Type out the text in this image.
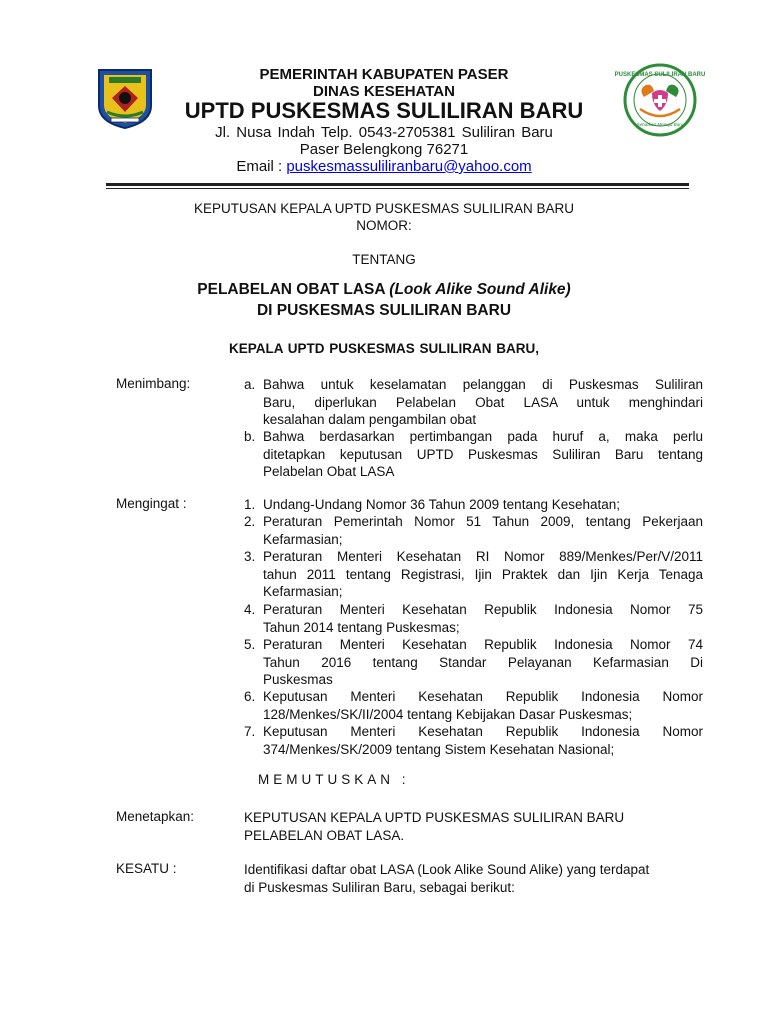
PUSKESMAS SULILIRAN BARU
Sehatkan Menuju Baru
PEMERINTAH KABUPATEN PASER
DINAS KESEHATAN
UPTD PUSKESMAS SULILIRAN BARU
Jl. Nusa Indah Telp. 0543-2705381 Suliliran Baru
Paser Belengkong 76271
Email : puskesmassuliliranbaru@yahoo.com
KEPUTUSAN KEPALA UPTD PUSKESMAS SULILIRAN BARU
NOMOR:
TENTANG
PELABELAN OBAT LASA (Look Alike Sound Alike)
DI PUSKESMAS SULILIRAN BARU
KEPALA UPTD PUSKESMAS SULILIRAN BARU,
Menimbang:	a. Bahwa untuk keselamatan pelanggan di Puskesmas Suliliran
Baru, diperlukan Pelabelan Obat LASA untuk menghindari
kesalahan dalam pengambilan obat
b. Bahwa berdasarkan pertimbangan pada huruf a, maka perlu
ditetapkan keputusan UPTD Puskesmas Suliliran Baru tentang
Pelabelan Obat LASA
Mengingat :	1. Undang-Undang Nomor 36 Tahun 2009 tentang Kesehatan;
2. Peraturan Pemerintah Nomor 51 Tahun 2009, tentang Pekerjaan
Kefarmasian;
3. Peraturan Menteri Kesehatan RI Nomor 889/Menkes/Per/V/2011
tahun 2011 tentang Registrasi, Ijin Praktek dan Ijin Kerja Tenaga
Kefarmasian;
4. Peraturan Menteri Kesehatan Republik Indonesia Nomor 75
Tahun 2014 tentang Puskesmas;
5. Peraturan Menteri Kesehatan Republik Indonesia Nomor 74
Tahun 2016 tentang Standar Pelayanan Kefarmasian Di
Puskesmas
6. Keputusan Menteri Kesehatan Republik Indonesia Nomor
128/Menkes/SK/II/2004 tentang Kebijakan Dasar Puskesmas;
7. Keputusan Menteri Kesehatan Republik Indonesia Nomor
374/Menkes/SK/2009 tentang Sistem Kesehatan Nasional;
MEMUTUSKAN :
Menetapkan:	KEPUTUSAN KEPALA UPTD PUSKESMAS SULILIRAN BARU
PELABELAN OBAT LASA.
KESATU :	Identifikasi daftar obat LASA (Look Alike Sound Alike) yang terdapat
di Puskesmas Suliliran Baru, sebagai berikut:
